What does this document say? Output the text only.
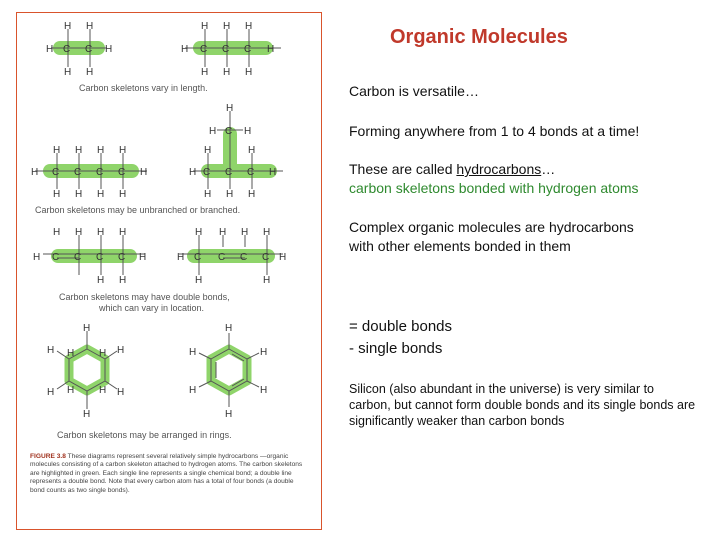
H C C H
H H
H H
H C C C H
H H H
H H H
H C C C C H
H H H H
H H H H
H
H C H
H C C C H
H	H
H H H
H C C C C H
H H H H
H H
H C C C C H
H H H H
H	H
H
H
H
H
H
H
H
H
H
H
H
H
H
H
H
H
Carbon skeletons vary in length.
Carbon skeletons may be unbranched or branched.
Carbon skeletons may have double bonds,
which can vary in location.
Carbon skeletons may be arranged in rings.
FIGURE 3.8 These diagrams represent several relatively simple hydrocarbons —organic molecules consisting of a carbon skeleton attached to hydrogen atoms. The carbon skeletons are highlighted in green. Each single line represents a single chemical bond; a double line represents a double bond. Note that every carbon atom has a total of four bonds (a double bond counts as two single bonds).
Organic Molecules
Carbon is versatile…
Forming anywhere from 1 to 4 bonds at a time!
These are called hydrocarbons…
carbon skeletons bonded with hydrogen atoms
Complex organic molecules are hydrocarbons
with other elements bonded in them
= double bonds
- single bonds
Silicon (also abundant in the universe) is very similar to carbon, but cannot form double bonds and its single bonds are significantly weaker than carbon bonds
